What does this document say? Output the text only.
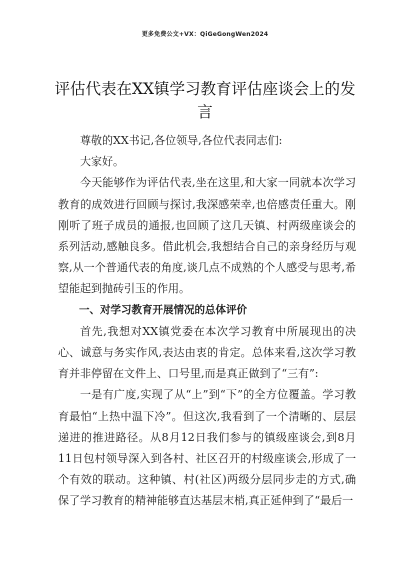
更多免费公文+VX：QiGeGongWen2024
评估代表在XX镇学习教育评估座谈会上的发言

尊敬的XX书记,各位领导,各位代表同志们:

大家好。

今天能够作为评估代表,坐在这里,和大家一同就本次学习教育的成效进行回顾与探讨,我深感荣幸,也倍感责任重大。刚刚听了班子成员的通报,也回顾了这几天镇、村两级座谈会的系列活动,感触良多。借此机会,我想结合自己的亲身经历与观察,从一个普通代表的角度,谈几点不成熟的个人感受与思考,希望能起到抛砖引玉的作用。

一、对学习教育开展情况的总体评价

首先,我想对XX镇党委在本次学习教育中所展现出的决心、诚意与务实作风,表达由衷的肯定。总体来看,这次学习教育并非停留在文件上、口号里,而是真正做到了“三有”:

一是有广度,实现了从“上”到“下”的全方位覆盖。学习教育最怕“上热中温下冷”。但这次,我看到了一个清晰的、层层递进的推进路径。从8月12日我们参与的镇级座谈会,到8月11日包村领导深入到各村、社区召开的村级座谈会,形成了一个有效的联动。这种镇、村(社区)两级分层同步走的方式,确保了学习教育的精神能够直达基层末梢,真正延伸到了“最后一
